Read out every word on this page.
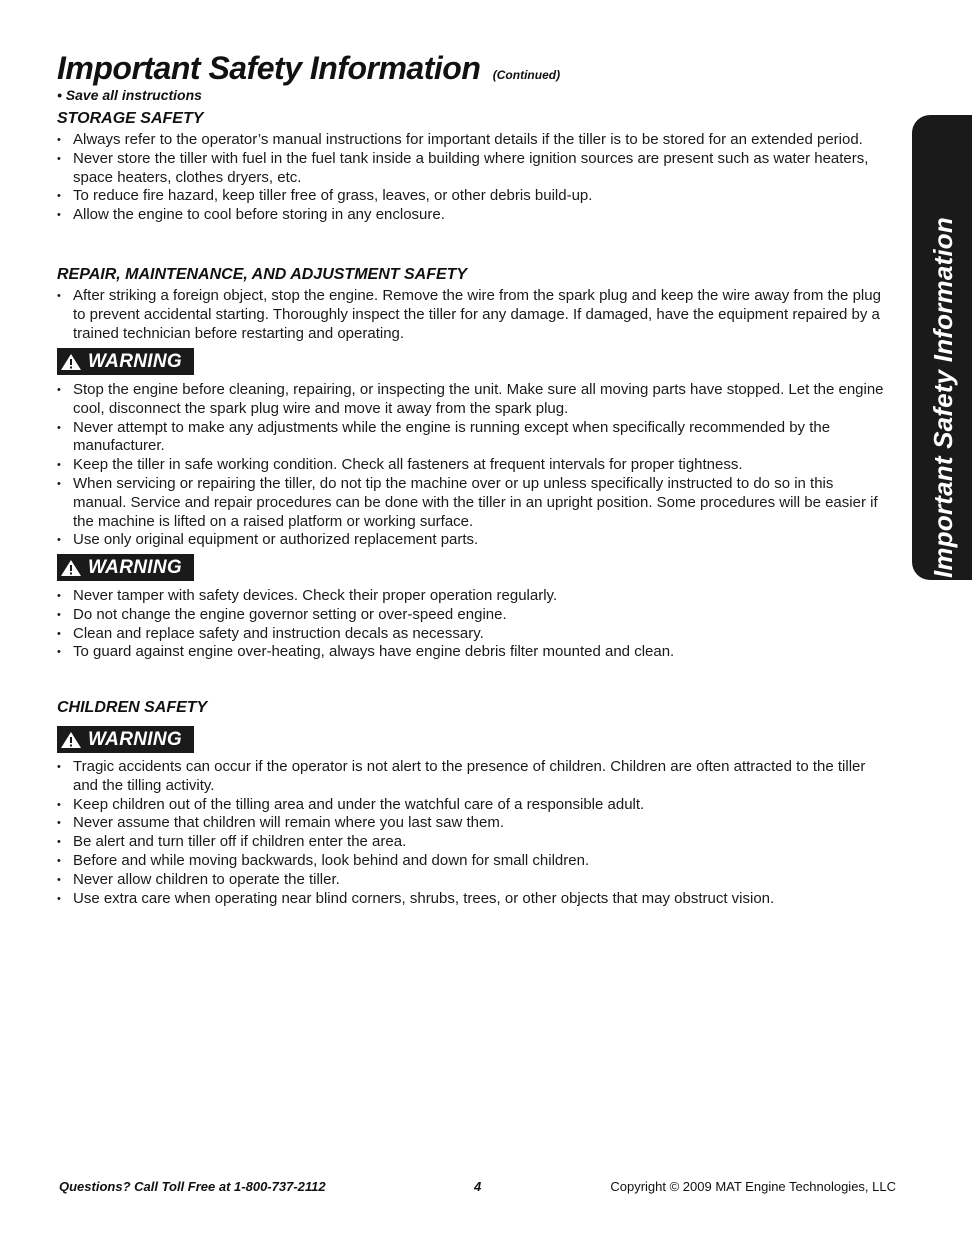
Important Safety Information (Continued)
• Save all instructions
STORAGE SAFETY
• Always refer to the operator’s manual instructions for important details if the tiller is to be stored for an extended period.
• Never store the tiller with fuel in the fuel tank inside a building where ignition sources are present such as water heaters, space heaters, clothes dryers, etc.
• To reduce fire hazard, keep tiller free of grass, leaves, or other debris build-up.
• Allow the engine to cool before storing in any enclosure.
REPAIR, MAINTENANCE, AND ADJUSTMENT SAFETY
• After striking a foreign object, stop the engine. Remove the wire from the spark plug and keep the wire away from the plug to prevent accidental starting. Thoroughly inspect the tiller for any damage. If damaged, have the equipment repaired by a trained technician before restarting and operating.
WARNING
• Stop the engine before cleaning, repairing, or inspecting the unit. Make sure all moving parts have stopped. Let the engine cool, disconnect the spark plug wire and move it away from the spark plug.
• Never attempt to make any adjustments while the engine is running except when specifically recommended by the manufacturer.
• Keep the tiller in safe working condition. Check all fasteners at frequent intervals for proper tightness.
• When servicing or repairing the tiller, do not tip the machine over or up unless specifically instructed to do so in this manual. Service and repair procedures can be done with the tiller in an upright position. Some procedures will be easier if the machine is lifted on a raised platform or working surface.
• Use only original equipment or authorized replacement parts.
WARNING
• Never tamper with safety devices. Check their proper operation regularly.
• Do not change the engine governor setting or over-speed engine.
• Clean and replace safety and instruction decals as necessary.
• To guard against engine over-heating, always have engine debris filter mounted and clean.
CHILDREN SAFETY
WARNING
• Tragic accidents can occur if the operator is not alert to the presence of children. Children are often attracted to the tiller and the tilling activity.
• Keep children out of the tilling area and under the watchful care of a responsible adult.
• Never assume that children will remain where you last saw them.
• Be alert and turn tiller off if children enter the area.
• Before and while moving backwards, look behind and down for small children.
• Never allow children to operate the tiller.
• Use extra care when operating near blind corners, shrubs, trees, or other objects that may obstruct vision.
Important Safety Information
Questions? Call Toll Free at 1-800-737-2112	4	Copyright © 2009 MAT Engine Technologies, LLC
